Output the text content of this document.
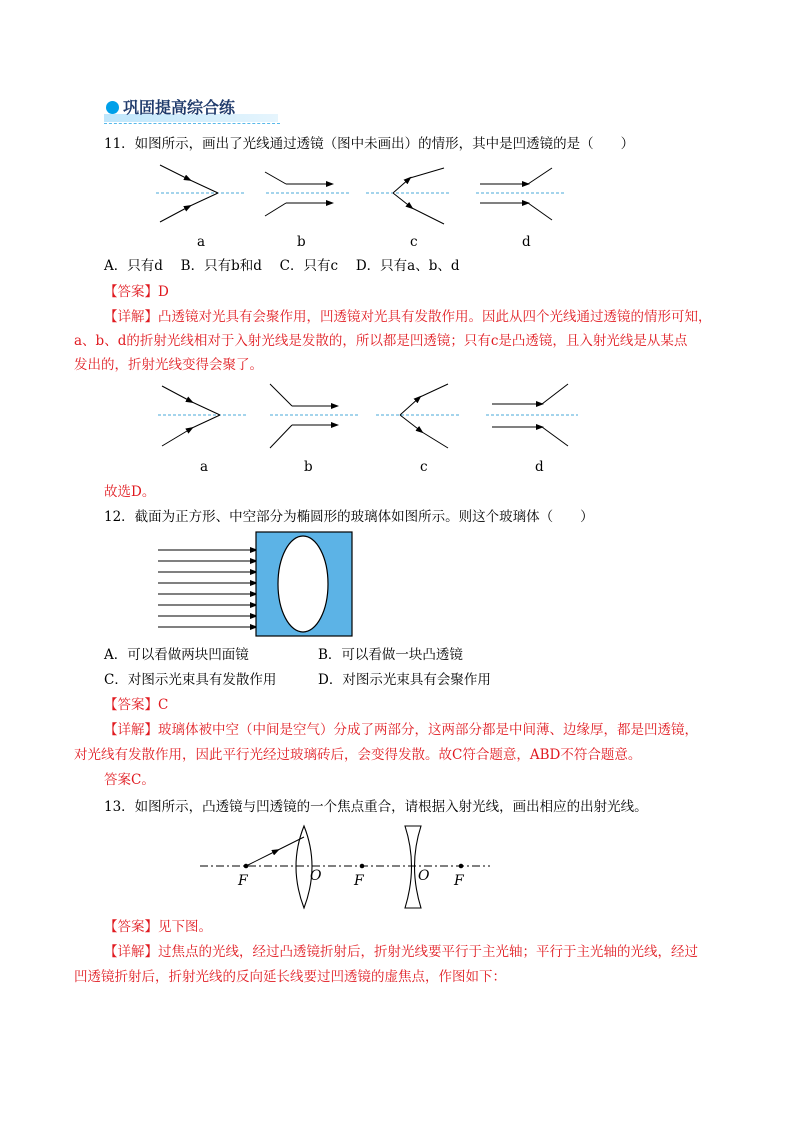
巩固提高综合练
11．如图所示，画出了光线通过透镜（图中未画出）的情形，其中是凹透镜的是（　　）
a	b	c	d
A．只有d　 B．只有b和d　 C．只有c　 D．只有a、b、d
【答案】D
【详解】凸透镜对光具有会聚作用，凹透镜对光具有发散作用。因此从四个光线通过透镜的情形可知，
a、b、d的折射光线相对于入射光线是发散的，所以都是凹透镜；只有c是凸透镜，且入射光线是从某点
发出的，折射光线变得会聚了。
a	b	c	d
故选D。
12．截面为正方形、中空部分为椭圆形的玻璃体如图所示。则这个玻璃体（　　）
A．可以看做两块凹面镜	B．可以看做一块凸透镜
C．对图示光束具有发散作用	D．对图示光束具有会聚作用
【答案】C
【详解】玻璃体被中空（中间是空气）分成了两部分，这两部分都是中间薄、边缘厚，都是凹透镜，
对光线有发散作用，因此平行光经过玻璃砖后，会变得发散。故C符合题意，ABD不符合题意。
答案C。
13．如图所示，凸透镜与凹透镜的一个焦点重合，请根据入射光线，画出相应的出射光线。
F	O F	O F
【答案】见下图。
【详解】过焦点的光线，经过凸透镜折射后，折射光线要平行于主光轴；平行于主光轴的光线，经过
凹透镜折射后，折射光线的反向延长线要过凹透镜的虚焦点，作图如下：
